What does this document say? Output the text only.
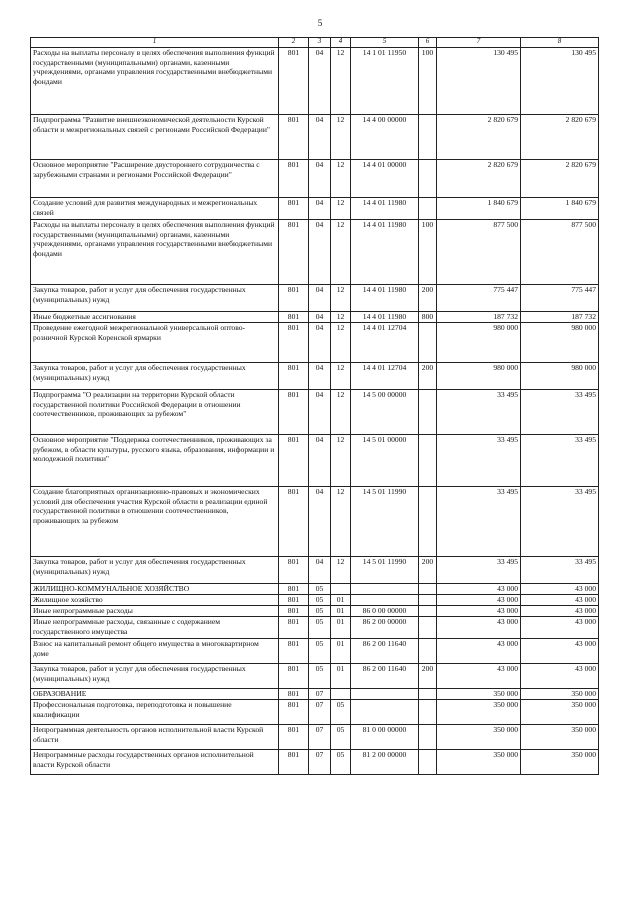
5
1	2	3	4	5	6	7	8
Расходы на выплаты персоналу в целях обеспечения выполнения функций государственными (муниципальными) органами, казенными учреждениями, органами управления государственными внебюджетными фондами	801	04	12	14 1 01 11950	100	130 495	130 495
Подпрограмма "Развитие внешнеэкономической деятельности Курской области и межрегиональных связей с регионами Российской Федерации"	801	04	12	14 4 00 00000		2 820 679	2 820 679
Основное мероприятие "Расширение двустороннего сотрудничества с зарубежными странами и регионами Российской Федерации"	801	04	12	14 4 01 00000		2 820 679	2 820 679
Создание условий для развития международных и межрегиональных связей	801	04	12	14 4 01 11980		1 840 679	1 840 679
Расходы на выплаты персоналу в целях обеспечения выполнения функций государственными (муниципальными) органами, казенными учреждениями, органами управления государственными внебюджетными фондами	801	04	12	14 4 01 11980	100	877 500	877 500
Закупка товаров, работ и услуг для обеспечения государственных (муниципальных) нужд	801	04	12	14 4 01 11980	200	775 447	775 447
Иные бюджетные ассигнования	801	04	12	14 4 01 11980	800	187 732	187 732
Проведение ежегодной межрегиональной универсальной оптово-розничной Курской Коренской ярмарки	801	04	12	14 4 01 12704		980 000	980 000
Закупка товаров, работ и услуг для обеспечения государственных (муниципальных) нужд	801	04	12	14 4 01 12704	200	980 000	980 000
Подпрограмма "О реализации на территории Курской области государственной политики Российской Федерации в отношении соотечественников, проживающих за рубежом"	801	04	12	14 5 00 00000		33 495	33 495
Основное мероприятие "Поддержка соотечественников, проживающих за рубежом, в области культуры, русского языка, образования, информации и молодежной политики"	801	04	12	14 5 01 00000		33 495	33 495
Создание благоприятных организационно-правовых и экономических условий для обеспечения участия Курской области в реализации единой государственной политики в отношении соотечественников, проживающих за рубежом	801	04	12	14 5 01 11990		33 495	33 495
Закупка товаров, работ и услуг для обеспечения государственных (муниципальных) нужд	801	04	12	14 5 01 11990	200	33 495	33 495
ЖИЛИЩНО-КОММУНАЛЬНОЕ ХОЗЯЙСТВО	801	05				43 000	43 000
Жилищное хозяйство	801	05	01			43 000	43 000
Иные непрограммные расходы	801	05	01	86 0 00 00000		43 000	43 000
Иные непрограммные расходы, связанные с содержанием государственного имущества	801	05	01	86 2 00 00000		43 000	43 000
Взнос на капитальный ремонт общего имущества в многоквартирном доме	801	05	01	86 2 00 11640		43 000	43 000
Закупка товаров, работ и услуг для обеспечения государственных (муниципальных) нужд	801	05	01	86 2 00 11640	200	43 000	43 000
ОБРАЗОВАНИЕ	801	07				350 000	350 000
Профессиональная подготовка, переподготовка и повышение квалификации	801	07	05			350 000	350 000
Непрограммная деятельность органов исполнительной власти Курской области	801	07	05	81 0 00 00000		350 000	350 000
Непрограммные расходы государственных органов исполнительной власти Курской области	801	07	05	81 2 00 00000		350 000	350 000
